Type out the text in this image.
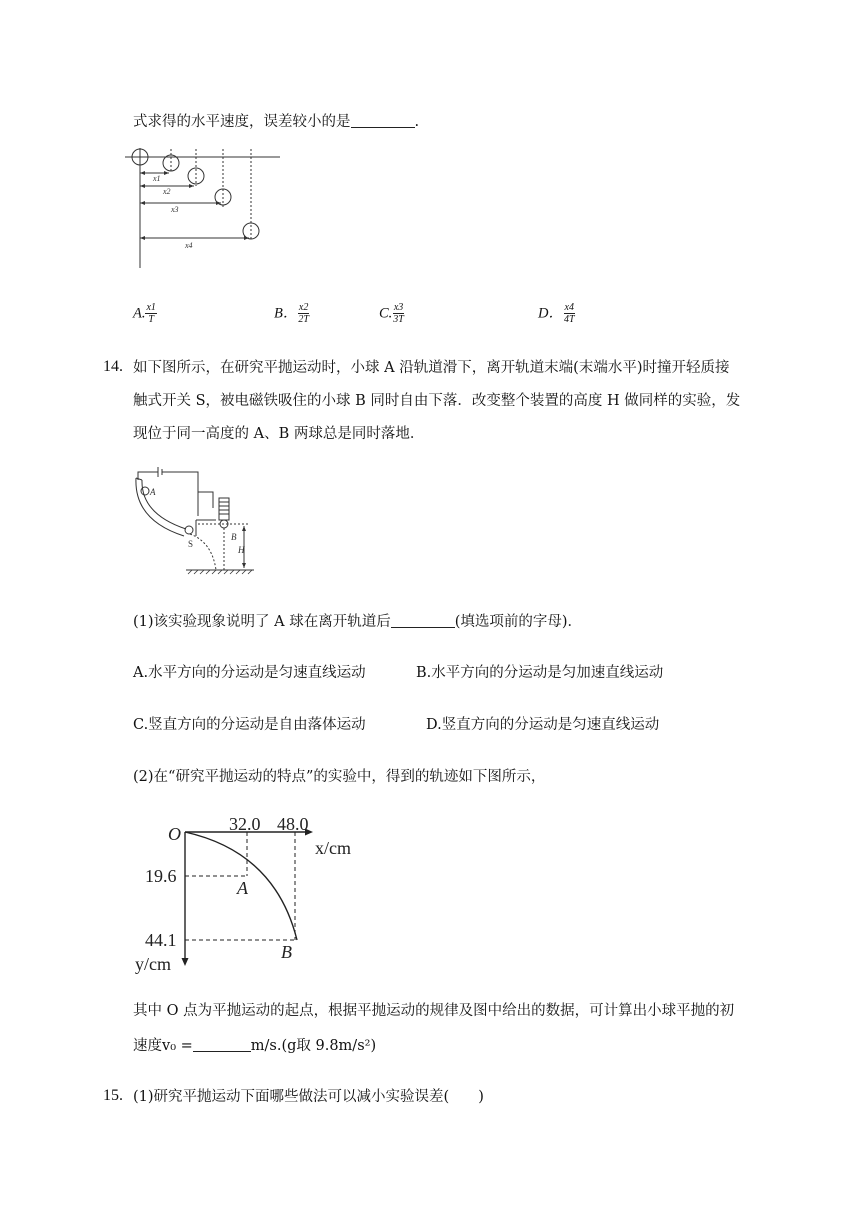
式求得的水平速度，误差较小的是	.
x1
x2
x3
x4
A. $\frac{x1}{T}$	B． $\frac{x2}{2T}$	C. $\frac{x3}{3T}$	D． $\frac{x4}{4T}$
14. 如下图所示，在研究平抛运动时，小球 A 沿轨道滑下，离开轨道末端(末端水平)时撞开轻质接
触式开关 S，被电磁铁吸住的小球 B 同时自由下落．改变整个装置的高度 H 做同样的实验，发
现位于同一高度的 A、B 两球总是同时落地．
A
S
B
H
(1)该实验现象说明了 A 球在离开轨道后	(填选项前的字母)．
A.水平方向的分运动是匀速直线运动	B.水平方向的分运动是匀加速直线运动
C.竖直方向的分运动是自由落体运动	D.竖直方向的分运动是匀速直线运动
(2)在“研究平抛运动的特点”的实验中，得到的轨迹如下图所示，
O	32.0 48.0
x/cm
19.6
44.1
y/cm
A
B
其中 O 点为平抛运动的起点，根据平抛运动的规律及图中给出的数据，可计算出小球平抛的初
速度v₀ =	m/s.(g取 9.8m/s²)
15. (1)研究平抛运动下面哪些做法可以减小实验误差(　　)
